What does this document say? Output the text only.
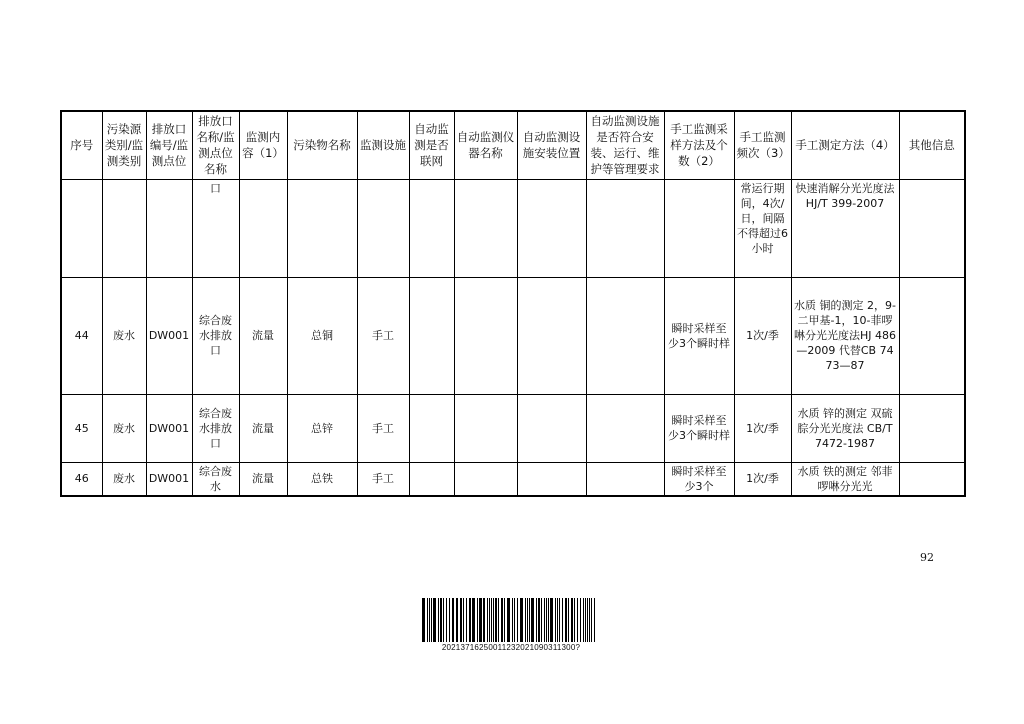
序号	污染源类别/监测类别	排放口编号/监测点位	排放口名称/监测点位名称	监测内容（1）	污染物名称	监测设施	自动监测是否联网	自动监测仪器名称	自动监测设施安装位置	自动监测设施是否符合安装、运行、维护等管理要求	手工监测采样方法及个数（2）	手工监测频次（3）	手工测定方法（4）	其他信息
			口									常运行期间，4次/日，间隔不得超过6小时	快速消解分光光度法 HJ/T 399-2007	
44	废水	DW001	综合废水排放口	流量	总铜	手工					瞬时采样至少3个瞬时样	1次/季	水质 铜的测定 2，9-二甲基-1，10-菲啰啉分光光度法HJ 486—2009 代替CB 7473—87	
45	废水	DW001	综合废水排放口	流量	总锌	手工					瞬时采样至少3个瞬时样	1次/季	水质 锌的测定 双硫腙分光光度法 CB/T 7472-1987	
46	废水	DW001	综合废水	流量	总铁	手工					瞬时采样至少3个	1次/季	水质 铁的测定 邻菲啰啉分光光	
92
20213716250011232021090311300?
